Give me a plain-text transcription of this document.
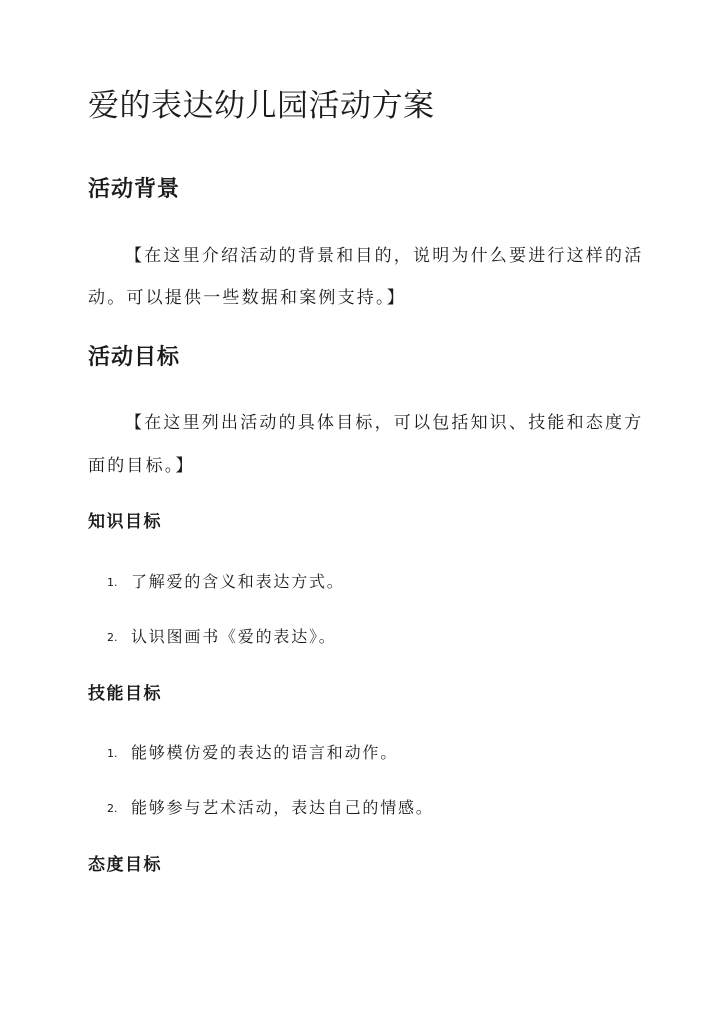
爱的表达幼儿园活动方案
活动背景
【在这里介绍活动的背景和目的，说明为什么要进行这样的活
动。可以提供一些数据和案例支持。】
活动目标
【在这里列出活动的具体目标，可以包括知识、技能和态度方
面的目标。】
知识目标
1. 了解爱的含义和表达方式。
2. 认识图画书《爱的表达》。
技能目标
1. 能够模仿爱的表达的语言和动作。
2. 能够参与艺术活动，表达自己的情感。
态度目标
